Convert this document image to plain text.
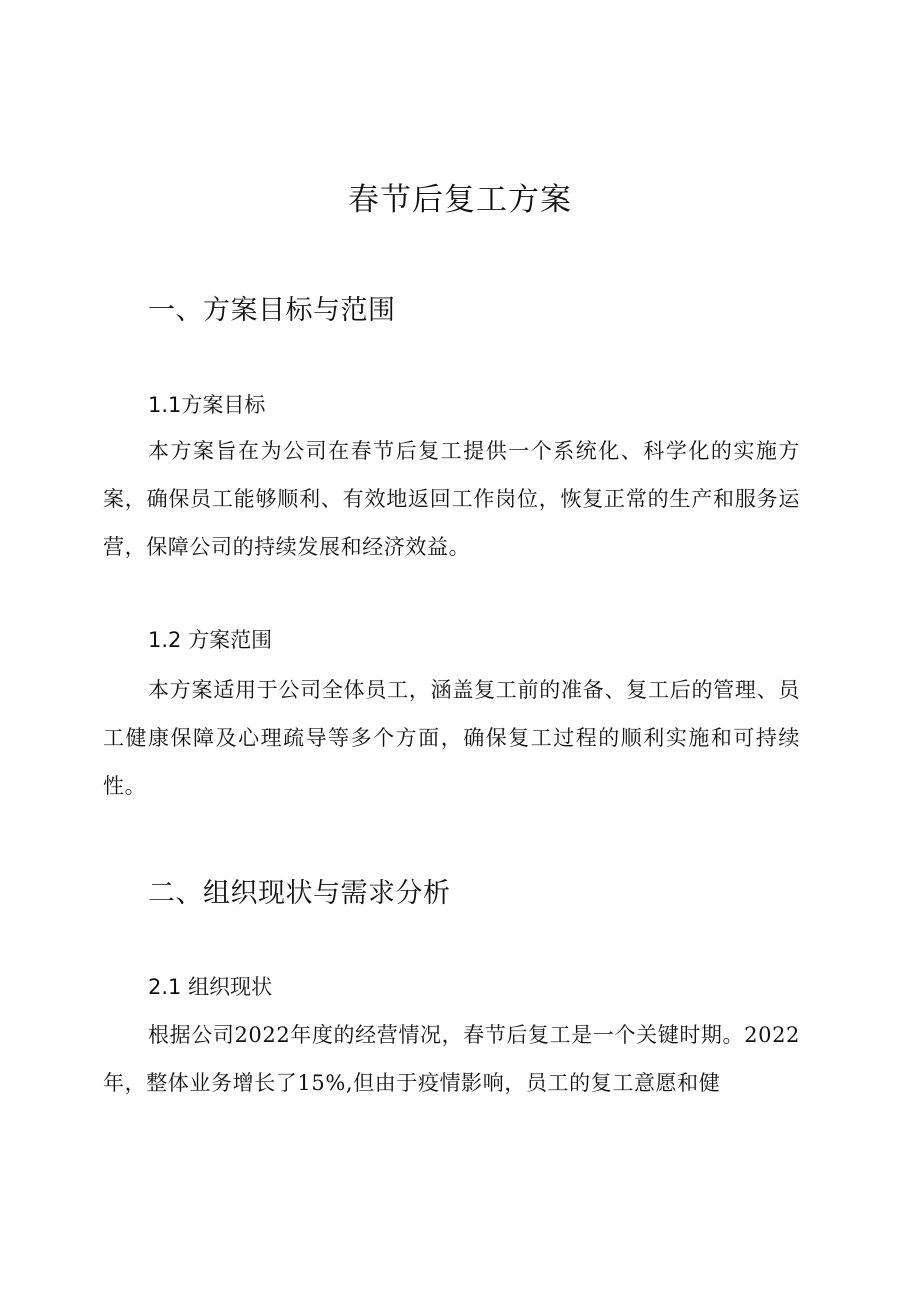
春节后复工方案
一、方案目标与范围
1.1方案目标

本方案旨在为公司在春节后复工提供一个系统化、科学化的实施方案，确保员工能够顺利、有效地返回工作岗位，恢复正常的生产和服务运营，保障公司的持续发展和经济效益。

1.2 方案范围

本方案适用于公司全体员工，涵盖复工前的准备、复工后的管理、员工健康保障及心理疏导等多个方面，确保复工过程的顺利实施和可持续性。

二、组织现状与需求分析
2.1 组织现状

根据公司2022年度的经营情况，春节后复工是一个关键时期。2022年，整体业务增长了15%,但由于疫情影响，员工的复工意愿和健
